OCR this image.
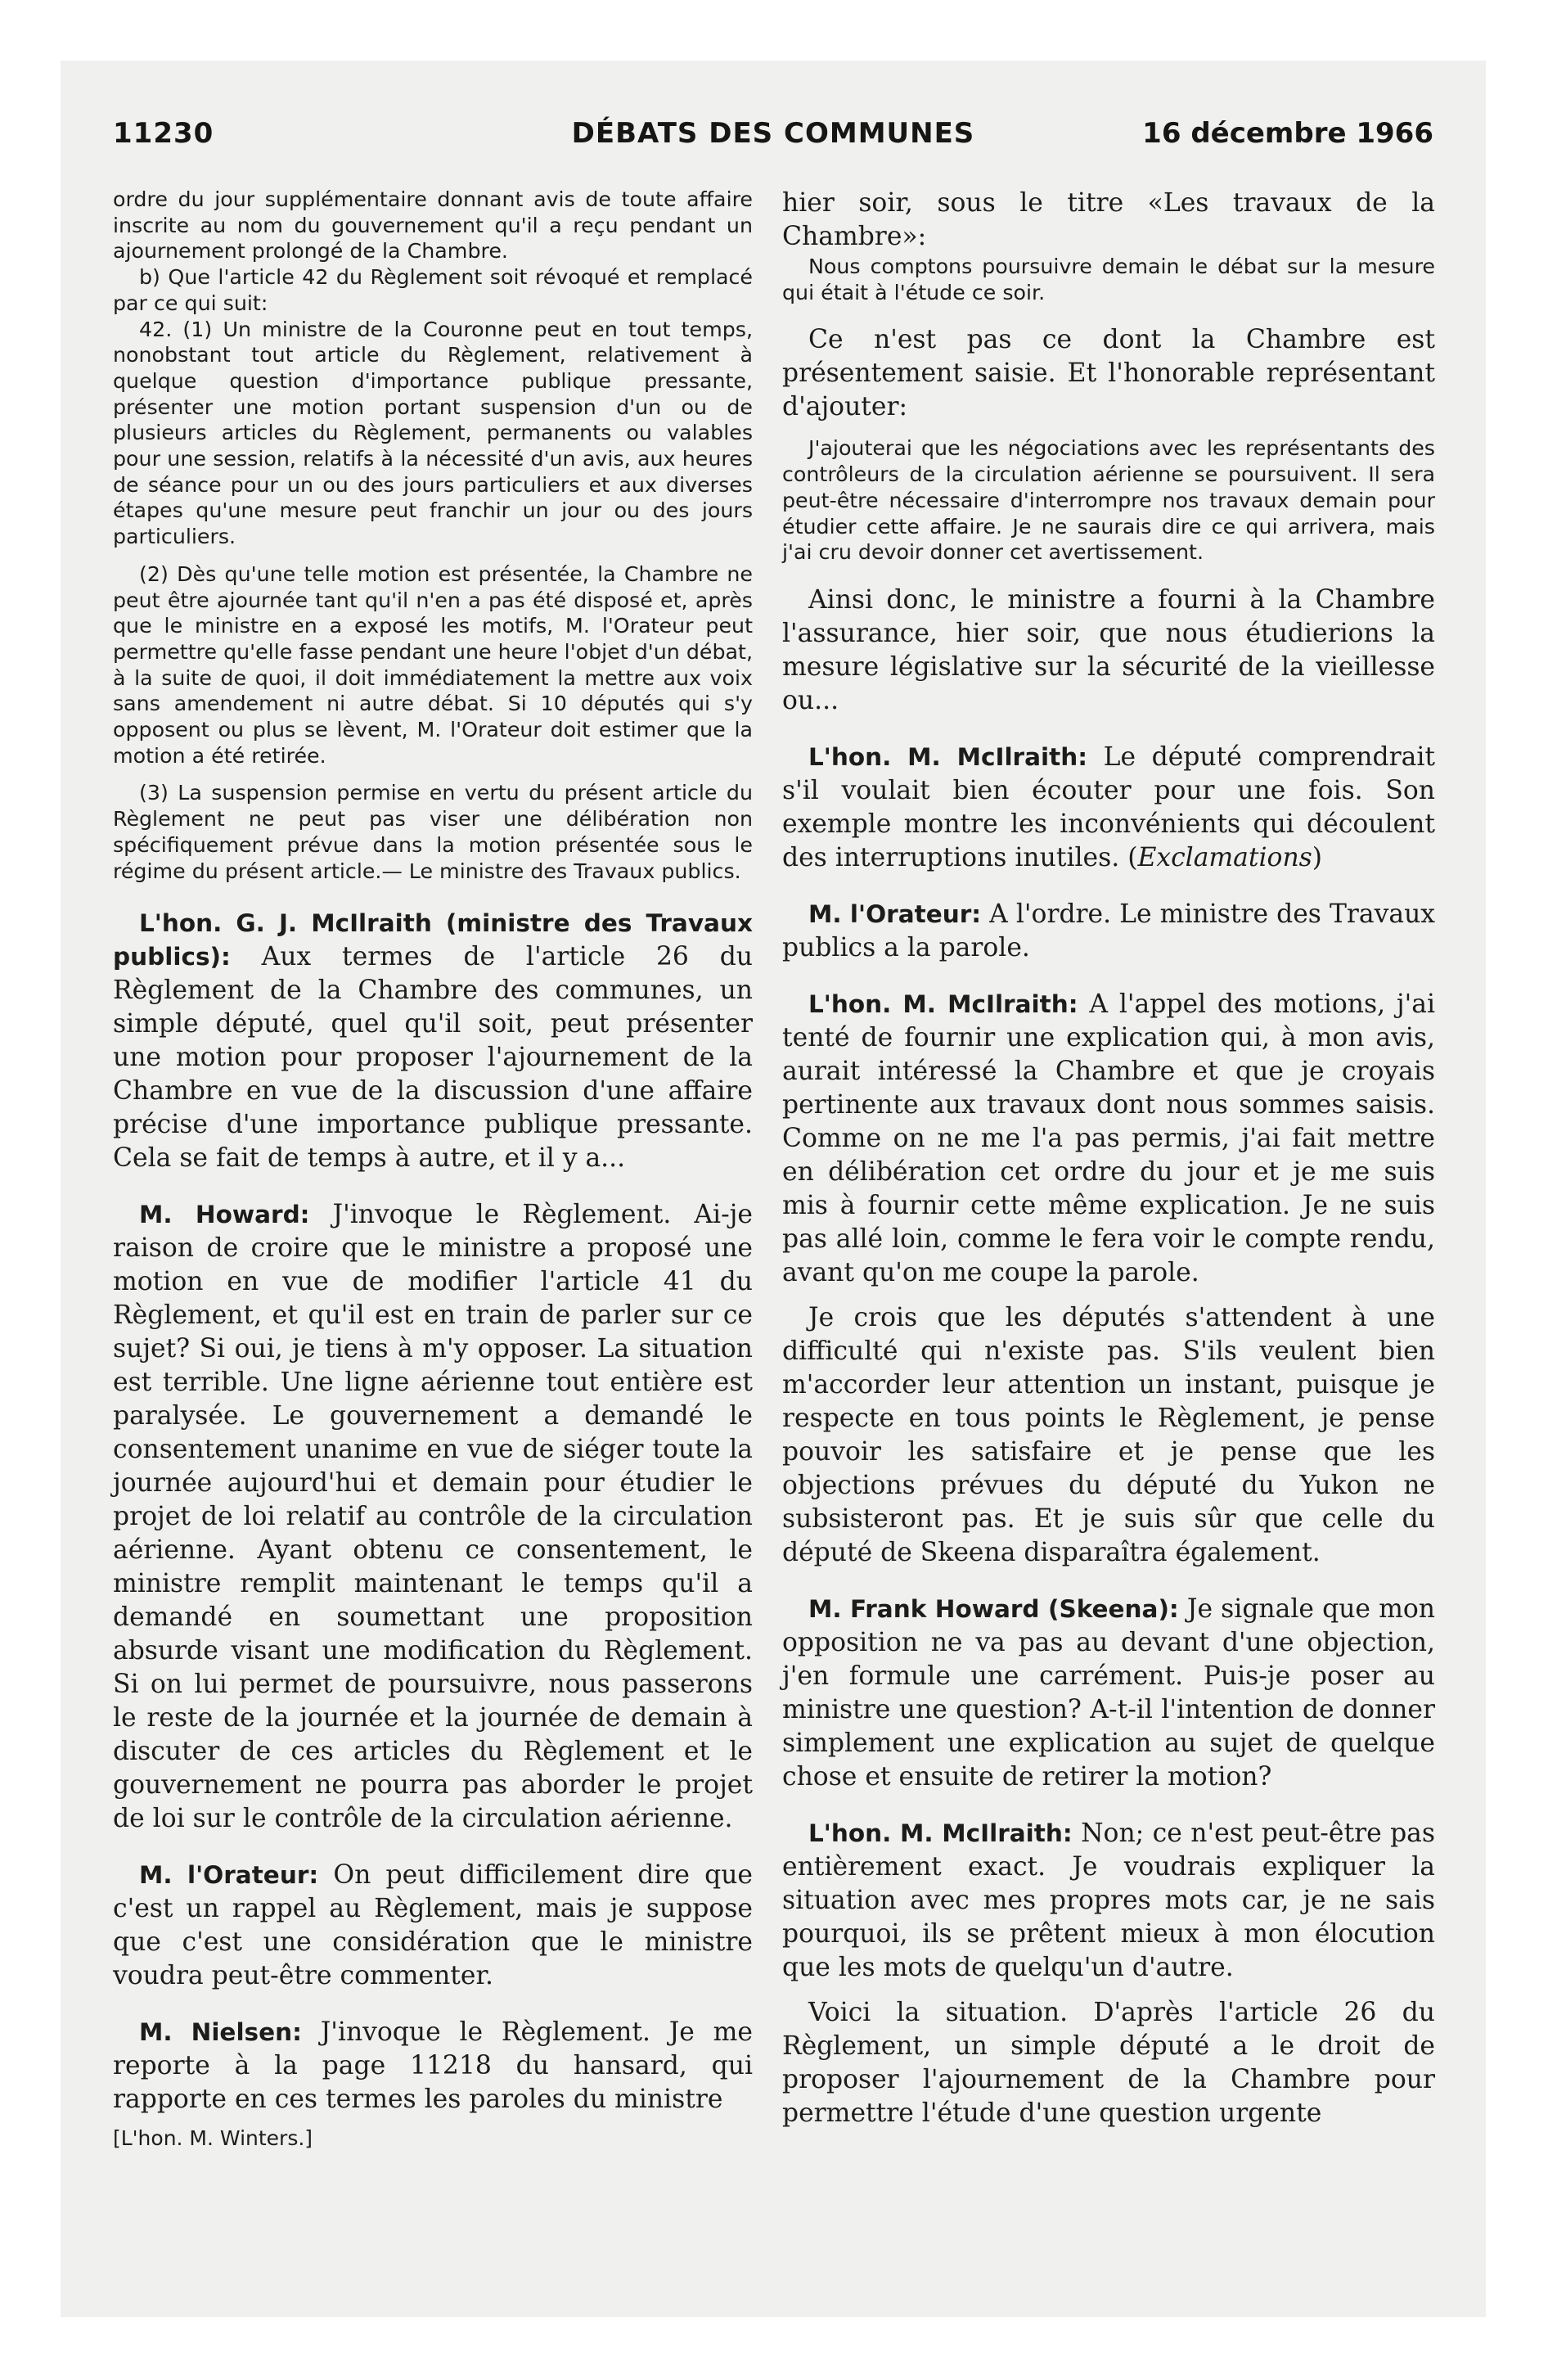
11230	DÉBATS DES COMMUNES	16 décembre 1966

ordre du jour supplémentaire donnant avis de toute affaire inscrite au nom du gouvernement qu'il a reçu pendant un ajournement prolongé de la Chambre.

b) Que l'article 42 du Règlement soit révoqué et remplacé par ce qui suit:

42. (1) Un ministre de la Couronne peut en tout temps, nonobstant tout article du Règlement, relativement à quelque question d'importance publique pressante, présenter une motion portant suspension d'un ou de plusieurs articles du Règlement, permanents ou valables pour une session, relatifs à la nécessité d'un avis, aux heures de séance pour un ou des jours particuliers et aux diverses étapes qu'une mesure peut franchir un jour ou des jours particuliers.

(2) Dès qu'une telle motion est présentée, la Chambre ne peut être ajournée tant qu'il n'en a pas été disposé et, après que le ministre en a exposé les motifs, M. l'Orateur peut permettre qu'elle fasse pendant une heure l'objet d'un débat, à la suite de quoi, il doit immédiatement la mettre aux voix sans amendement ni autre débat. Si 10 députés qui s'y opposent ou plus se lèvent, M. l'Orateur doit estimer que la motion a été retirée.

(3) La suspension permise en vertu du présent article du Règlement ne peut pas viser une délibération non spécifiquement prévue dans la motion présentée sous le régime du présent article.— Le ministre des Travaux publics.

L'hon. G. J. McIlraith (ministre des Travaux publics): Aux termes de l'article 26 du Règlement de la Chambre des communes, un simple député, quel qu'il soit, peut présenter une motion pour proposer l'ajournement de la Chambre en vue de la discussion d'une affaire précise d'une importance publique pressante. Cela se fait de temps à autre, et il y a...

M. Howard: J'invoque le Règlement. Ai-je raison de croire que le ministre a proposé une motion en vue de modifier l'article 41 du Règlement, et qu'il est en train de parler sur ce sujet? Si oui, je tiens à m'y opposer. La situation est terrible. Une ligne aérienne tout entière est paralysée. Le gouvernement a demandé le consentement unanime en vue de siéger toute la journée aujourd'hui et demain pour étudier le projet de loi relatif au contrôle de la circulation aérienne. Ayant obtenu ce consentement, le ministre remplit maintenant le temps qu'il a demandé en soumettant une proposition absurde visant une modification du Règlement. Si on lui permet de poursuivre, nous passerons le reste de la journée et la journée de demain à discuter de ces articles du Règlement et le gouvernement ne pourra pas aborder le projet de loi sur le contrôle de la circulation aérienne.

M. l'Orateur: On peut difficilement dire que c'est un rappel au Règlement, mais je suppose que c'est une considération que le ministre voudra peut-être commenter.

M. Nielsen: J'invoque le Règlement. Je me reporte à la page 11218 du hansard, qui rapporte en ces termes les paroles du ministre

[L'hon. M. Winters.]

hier soir, sous le titre «Les travaux de la Chambre»:

Nous comptons poursuivre demain le débat sur la mesure qui était à l'étude ce soir.

Ce n'est pas ce dont la Chambre est présentement saisie. Et l'honorable représentant d'ajouter:

J'ajouterai que les négociations avec les représentants des contrôleurs de la circulation aérienne se poursuivent. Il sera peut-être nécessaire d'interrompre nos travaux demain pour étudier cette affaire. Je ne saurais dire ce qui arrivera, mais j'ai cru devoir donner cet avertissement.

Ainsi donc, le ministre a fourni à la Chambre l'assurance, hier soir, que nous étudierions la mesure législative sur la sécurité de la vieillesse ou...

L'hon. M. McIlraith: Le député comprendrait s'il voulait bien écouter pour une fois. Son exemple montre les inconvénients qui découlent des interruptions inutiles. (Exclamations)

M. l'Orateur: A l'ordre. Le ministre des Travaux publics a la parole.

L'hon. M. McIlraith: A l'appel des motions, j'ai tenté de fournir une explication qui, à mon avis, aurait intéressé la Chambre et que je croyais pertinente aux travaux dont nous sommes saisis. Comme on ne me l'a pas permis, j'ai fait mettre en délibération cet ordre du jour et je me suis mis à fournir cette même explication. Je ne suis pas allé loin, comme le fera voir le compte rendu, avant qu'on me coupe la parole.

Je crois que les députés s'attendent à une difficulté qui n'existe pas. S'ils veulent bien m'accorder leur attention un instant, puisque je respecte en tous points le Règlement, je pense pouvoir les satisfaire et je pense que les objections prévues du député du Yukon ne subsisteront pas. Et je suis sûr que celle du député de Skeena disparaîtra également.

M. Frank Howard (Skeena): Je signale que mon opposition ne va pas au devant d'une objection, j'en formule une carrément. Puis-je poser au ministre une question? A-t-il l'intention de donner simplement une explication au sujet de quelque chose et ensuite de retirer la motion?

L'hon. M. McIlraith: Non; ce n'est peut-être pas entièrement exact. Je voudrais expliquer la situation avec mes propres mots car, je ne sais pourquoi, ils se prêtent mieux à mon élocution que les mots de quelqu'un d'autre.

Voici la situation. D'après l'article 26 du Règlement, un simple député a le droit de proposer l'ajournement de la Chambre pour permettre l'étude d'une question urgente
